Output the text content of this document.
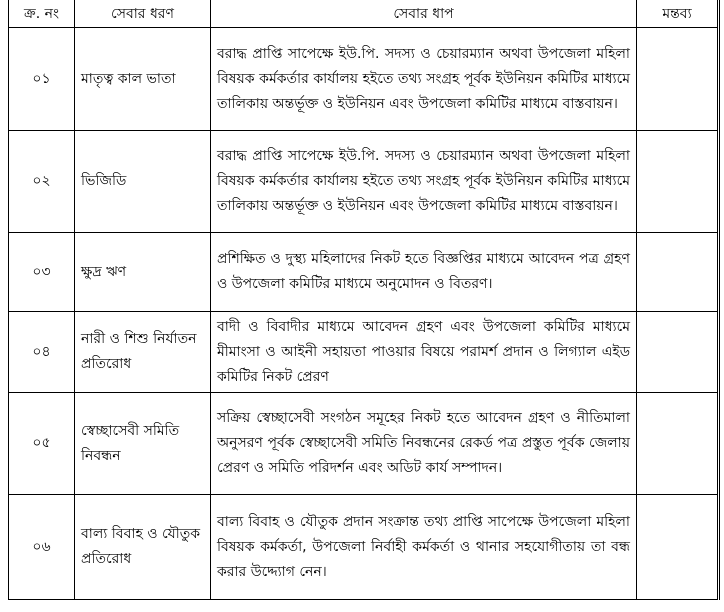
ক্র. নং	সেবার ধরণ	সেবার ধাপ	মন্তব্য
০১	মাতৃত্ব কাল ভাতা	বরাদ্ধ প্রাপ্তি সাপেক্ষে ইউ.পি. সদস্য ও চেয়ারম্যান অথবা উপজেলা মহিলা বিষয়ক কর্মকর্তার কার্যালয় হইতে তথ্য সংগ্রহ পূর্বক ইউনিয়ন কমিটির মাধ্যমে তালিকায় অন্তর্ভূক্ত ও ইউনিয়ন এবং উপজেলা কমিটির মাধ্যমে বাস্তবায়ন।	
০২	ভিজিডি	বরাদ্ধ প্রাপ্তি সাপেক্ষে ইউ.পি. সদস্য ও চেয়ারম্যান অথবা উপজেলা মহিলা বিষয়ক কর্মকর্তার কার্যালয় হইতে তথ্য সংগ্রহ পূর্বক ইউনিয়ন কমিটির মাধ্যমে তালিকায় অন্তর্ভূক্ত ও ইউনিয়ন এবং উপজেলা কমিটির মাধ্যমে বাস্তবায়ন।	
০৩	ক্ষুদ্র ঋণ	প্রশিক্ষিত ও দুস্থ্য মহিলাদের নিকট হতে বিজ্ঞপ্তির মাধ্যমে আবেদন পত্র গ্রহণ ও উপজেলা কমিটির মাধ্যমে অনুমোদন ও বিতরণ।	
০৪	নারী ও শিশু নির্যাতন প্রতিরোধ	বাদী ও বিবাদীর মাধ্যমে আবেদন গ্রহণ এবং উপজেলা কমিটির মাধ্যমে মীমাংসা ও আইনী সহায়তা পাওয়ার বিষয়ে পরামর্শ প্রদান ও লিগ্যাল এইড কমিটির নিকট প্রেরণ	
০৫	স্বেচ্ছাসেবী সমিতি নিবন্ধন	সক্রিয় স্বেচ্ছাসেবী সংগঠন সমূহের নিকট হতে আবেদন গ্রহণ ও নীতিমালা অনুসরণ পূর্বক স্বেচ্ছাসেবী সমিতি নিবন্ধনের রেকর্ড পত্র প্রস্তুত পূর্বক জেলায় প্রেরণ ও সমিতি পরিদর্শন এবং অডিট কার্য সম্পাদন।	
০৬	বাল্য বিবাহ ও যৌতুক প্রতিরোধ	বাল্য বিবাহ ও যৌতুক প্রদান সংক্রান্ত তথ্য প্রাপ্তি সাপেক্ষে উপজেলা মহিলা বিষয়ক কর্মকর্তা, উপজেলা নির্বাহী কর্মকর্তা ও থানার সহযোগীতায় তা বন্ধ করার উদ্দ্যোগ নেন।	
